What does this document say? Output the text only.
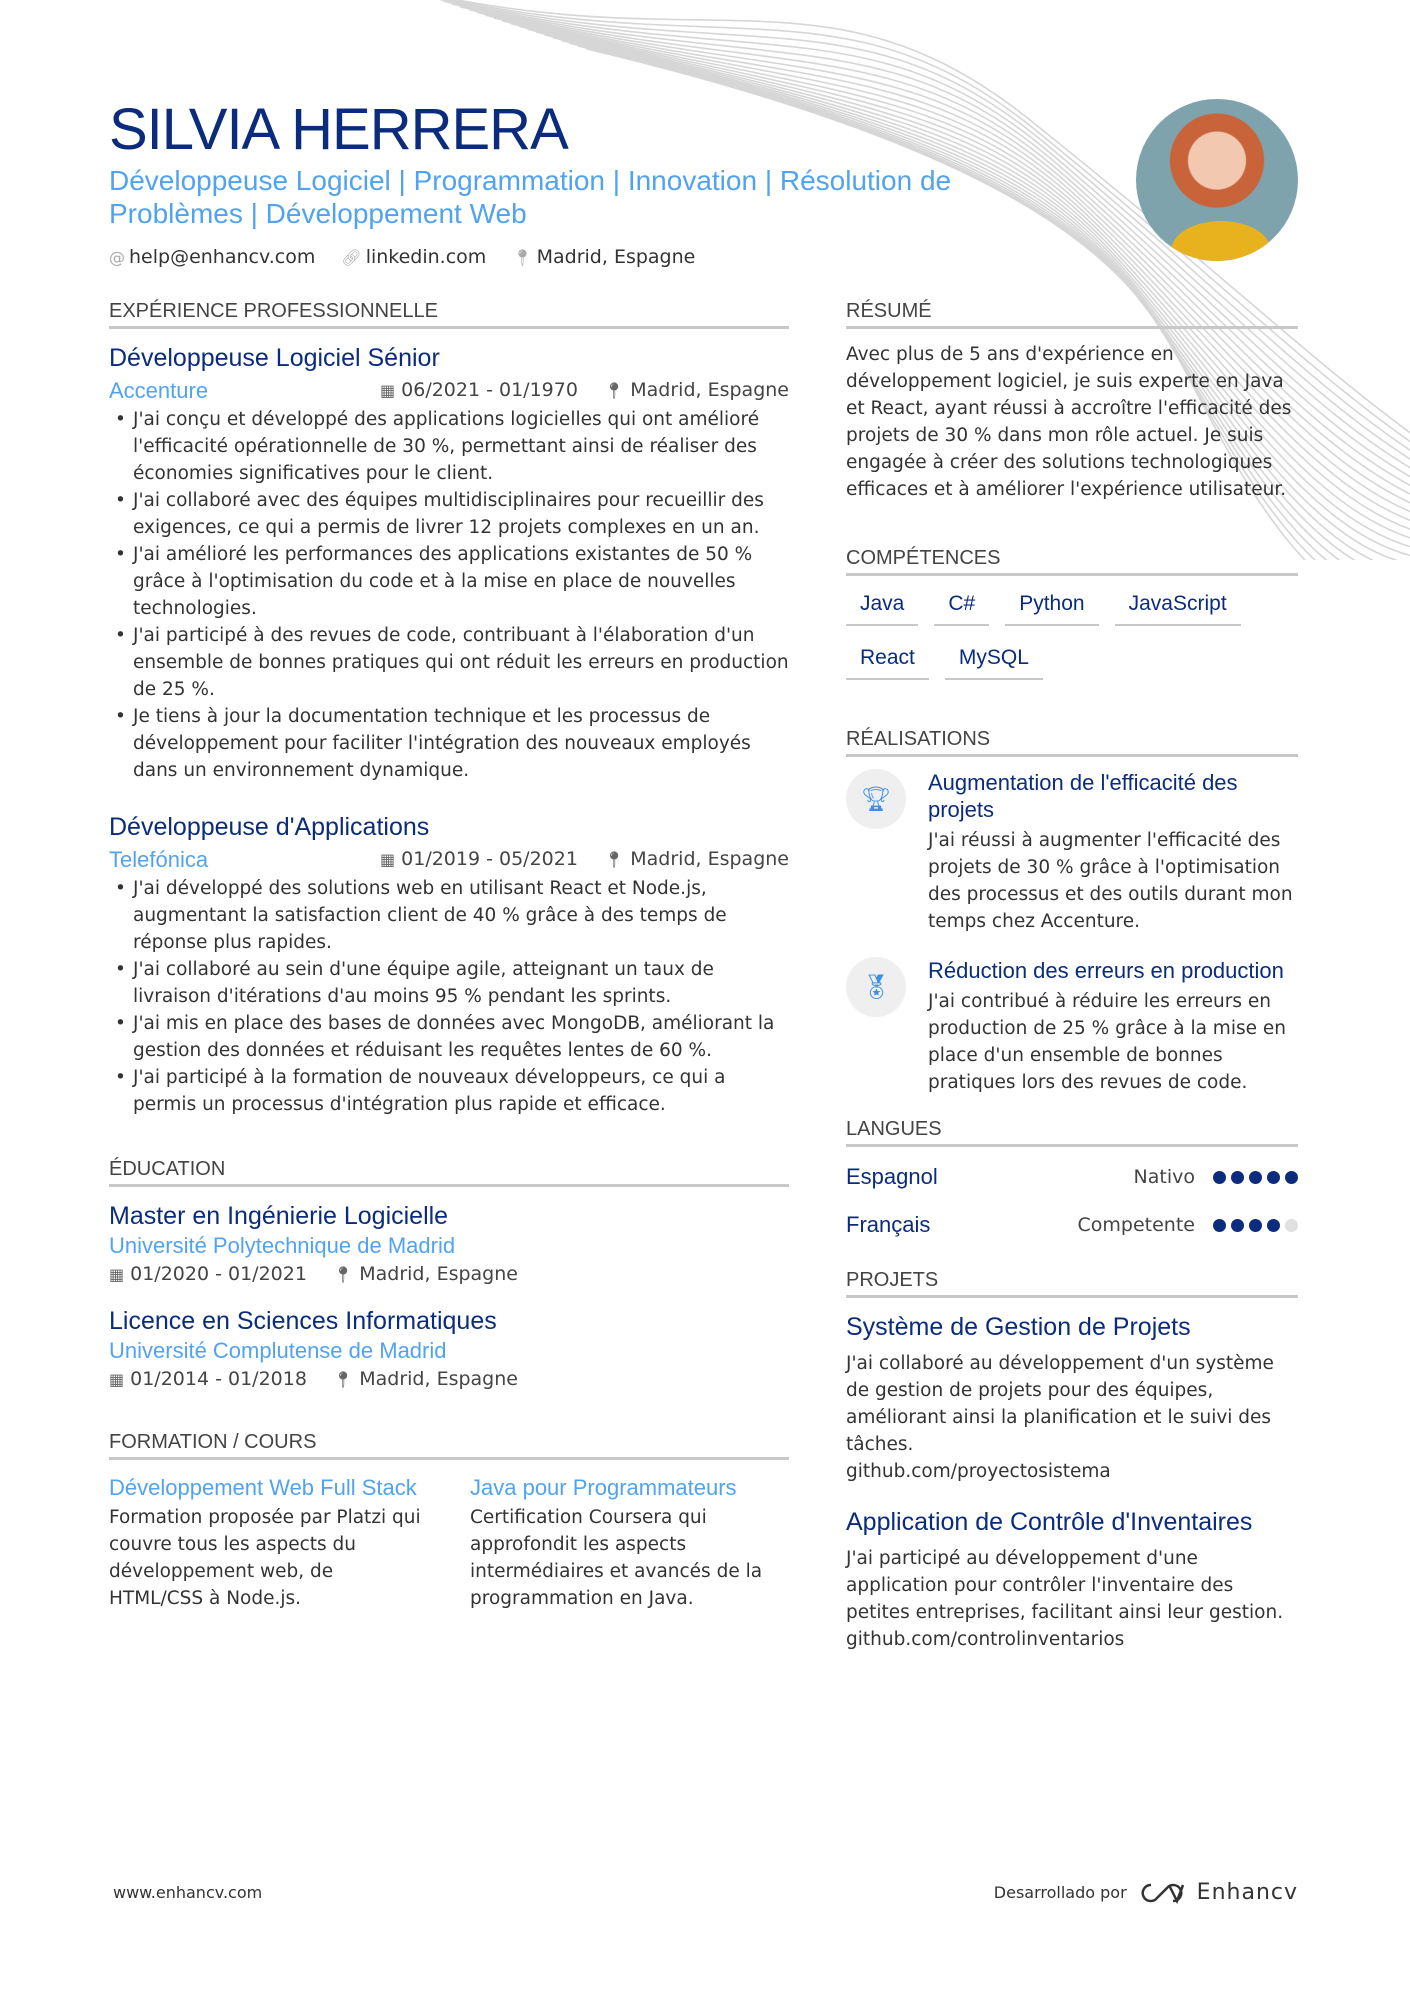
SILVIA HERRERA
Développeuse Logiciel | Programmation | Innovation | Résolution de Problèmes | Développement Web
@ help@enhancv.com 🔗︎ linkedin.com 📍︎ Madrid, Espagne
EXPÉRIENCE PROFESSIONNELLE
Développeuse Logiciel Sénior
Accenture	▦ 06/2021 - 01/1970 📍︎ Madrid, Espagne
• J'ai conçu et développé des applications logicielles qui ont amélioré l'efficacité opérationnelle de 30 %, permettant ainsi de réaliser des économies significatives pour le client.
• J'ai collaboré avec des équipes multidisciplinaires pour recueillir des exigences, ce qui a permis de livrer 12 projets complexes en un an.
• J'ai amélioré les performances des applications existantes de 50 % grâce à l'optimisation du code et à la mise en place de nouvelles technologies.
• J'ai participé à des revues de code, contribuant à l'élaboration d'un ensemble de bonnes pratiques qui ont réduit les erreurs en production de 25 %.
• Je tiens à jour la documentation technique et les processus de développement pour faciliter l'intégration des nouveaux employés dans un environnement dynamique.
Développeuse d'Applications
Telefónica	▦ 01/2019 - 05/2021 📍︎ Madrid, Espagne
• J'ai développé des solutions web en utilisant React et Node.js, augmentant la satisfaction client de 40 % grâce à des temps de réponse plus rapides.
• J'ai collaboré au sein d'une équipe agile, atteignant un taux de livraison d'itérations d'au moins 95 % pendant les sprints.
• J'ai mis en place des bases de données avec MongoDB, améliorant la gestion des données et réduisant les requêtes lentes de 60 %.
• J'ai participé à la formation de nouveaux développeurs, ce qui a permis un processus d'intégration plus rapide et efficace.
ÉDUCATION
Master en Ingénierie Logicielle
Université Polytechnique de Madrid
▦ 01/2020 - 01/2021 📍︎ Madrid, Espagne
Licence en Sciences Informatiques
Université Complutense de Madrid
▦ 01/2014 - 01/2018 📍︎ Madrid, Espagne
FORMATION / COURS
Développement Web Full Stack
Formation proposée par Platzi qui couvre tous les aspects du développement web, de HTML/CSS à Node.js.
Java pour Programmateurs
Certification Coursera qui approfondit les aspects intermédiaires et avancés de la programmation en Java.
RÉSUMÉ
Avec plus de 5 ans d'expérience en développement logiciel, je suis experte en Java et React, ayant réussi à accroître l'efficacité des projets de 30 % dans mon rôle actuel. Je suis engagée à créer des solutions technologiques efficaces et à améliorer l'expérience utilisateur.
COMPÉTENCES
Java	C#	Python	JavaScript
React	MySQL
RÉALISATIONS
🏆︎
Augmentation de l'efficacité des projets
J'ai réussi à augmenter l'efficacité des projets de 30 % grâce à l'optimisation des processus et des outils durant mon temps chez Accenture.
🏅︎
Réduction des erreurs en production
J'ai contribué à réduire les erreurs en production de 25 % grâce à la mise en place d'un ensemble de bonnes pratiques lors des revues de code.
LANGUES
Espagnol	Nativo
Français	Competente
PROJETS
Système de Gestion de Projets
J'ai collaboré au développement d'un système de gestion de projets pour des équipes, améliorant ainsi la planification et le suivi des tâches.
github.com/proyectosistema
Application de Contrôle d'Inventaires
J'ai participé au développement d'une application pour contrôler l'inventaire des petites entreprises, facilitant ainsi leur gestion.
github.com/controlinventarios
www.enhancv.com	Desarrollado por	Enhancv
